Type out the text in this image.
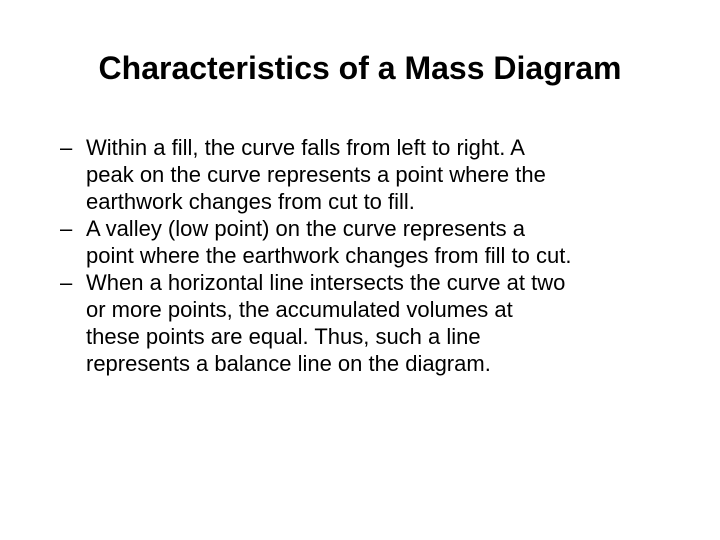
Characteristics of a Mass Diagram
– Within a fill, the curve falls from left to right. A
peak on the curve represents a point where the
earthwork changes from cut to fill.
– A valley (low point) on the curve represents a
point where the earthwork changes from fill to cut.
– When a horizontal line intersects the curve at two
or more points, the accumulated volumes at
these points are equal. Thus, such a line
represents a balance line on the diagram.
